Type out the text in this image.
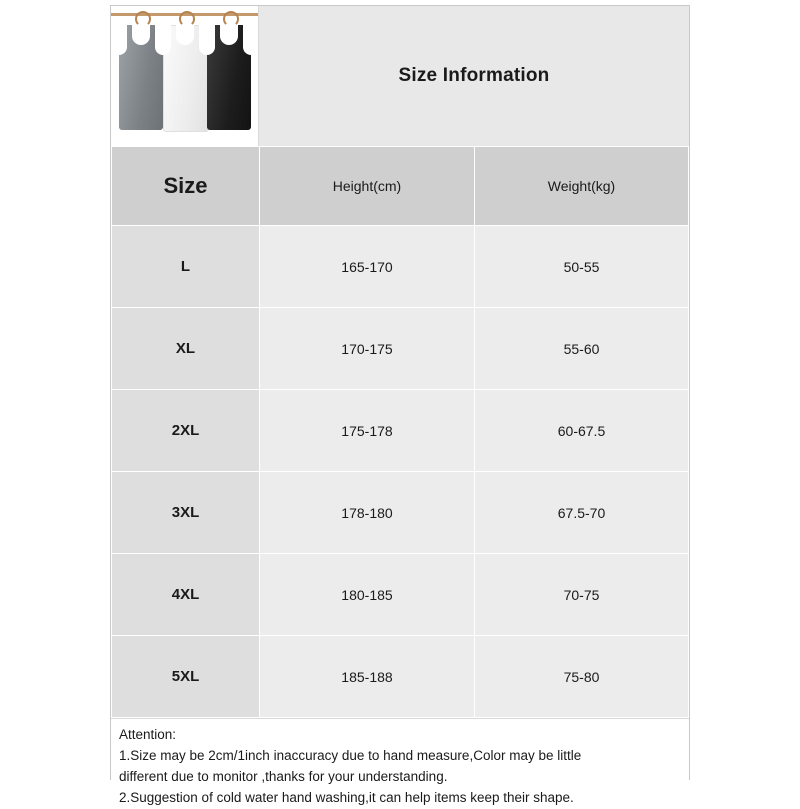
Size Information
Size	Height(cm)	Weight(kg)
L	165-170	50-55
XL	170-175	55-60
2XL	175-178	60-67.5
3XL	178-180	67.5-70
4XL	180-185	70-75
5XL	185-188	75-80
Attention:
1.Size may be 2cm/1inch inaccuracy due to hand measure,Color may be little
different due to monitor ,thanks for your understanding.
2.Suggestion of cold water hand washing,it can help items keep their shape.
